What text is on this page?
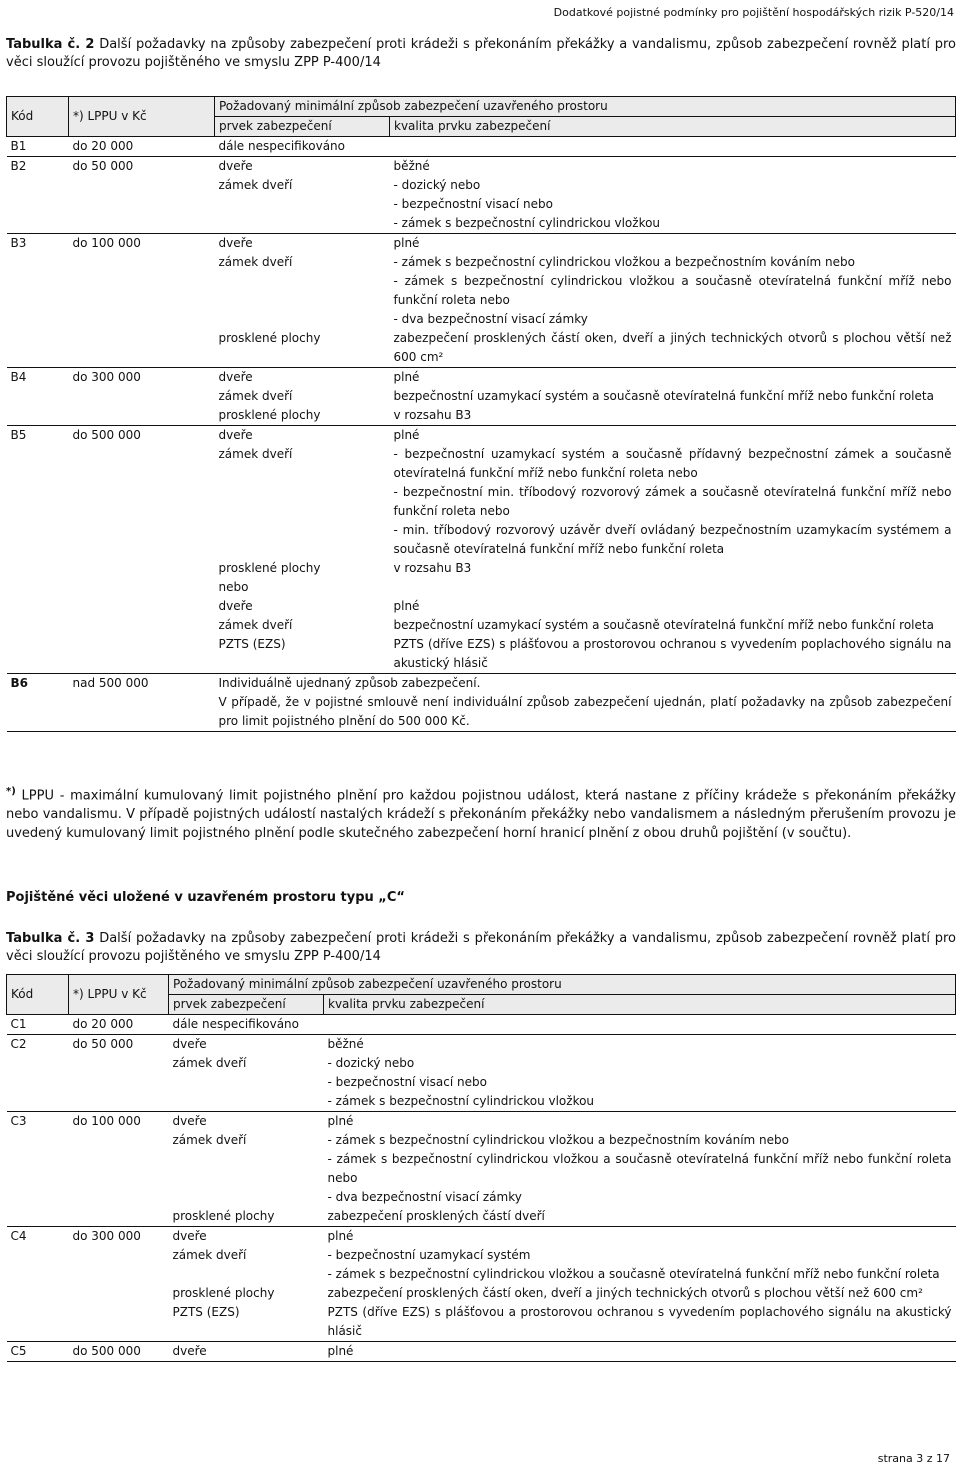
Dodatkové pojistné podmínky pro pojištění hospodářských rizik P-520/14
Tabulka č. 2 Další požadavky na způsoby zabezpečení proti krádeži s překonáním překážky a vandalismu, způsob zabezpečení rovněž platí pro věci sloužící provozu pojištěného ve smyslu ZPP P-400/14
Kód	*) LPPU v Kč	Požadovaný minimální způsob zabezpečení uzavřeného prostoru	
		prvek zabezpečení	kvalita prvku zabezpečení
B1	do 20 000	dále nespecifikováno	
B2	do 50 000	dveře	běžné
		zámek dveří	- dozický nebo
- bezpečnostní visací nebo
- zámek s bezpečnostní cylindrickou vložkou
B3	do 100 000	dveře	plné
		zámek dveří	- zámek s bezpečnostní cylindrickou vložkou a bezpečnostním kováním nebo
- zámek s bezpečnostní cylindrickou vložkou a současně otevíratelná funkční mříž nebo funkční roleta nebo
- dva bezpečnostní visací zámky
		prosklené plochy	zabezpečení prosklených částí oken, dveří a jiných technických otvorů s plochou větší než 600 cm²
B4	do 300 000	dveře	plné
		zámek dveří	bezpečnostní uzamykací systém a současně otevíratelná funkční mříž nebo funkční roleta
		prosklené plochy	v rozsahu B3
B5	do 500 000	dveře	plné
		zámek dveří	- bezpečnostní uzamykací systém a současně přídavný bezpečnostní zámek a současně otevíratelná funkční mříž nebo funkční roleta nebo
- bezpečnostní min. tříbodový rozvorový zámek a současně otevíratelná funkční mříž nebo funkční roleta nebo
- min. tříbodový rozvorový uzávěr dveří ovládaný bezpečnostním uzamykacím systémem a současně otevíratelná funkční mříž nebo funkční roleta
		prosklené plochy	v rozsahu B3
		nebo	
		dveře	plné
		zámek dveří	bezpečnostní uzamykací systém a současně otevíratelná funkční mříž nebo funkční roleta
		PZTS (EZS)	PZTS (dříve EZS) s plášťovou a prostorovou ochranou s vyvedením poplachového signálu na akustický hlásič
B6	nad 500 000	Individuálně ujednaný způsob zabezpečení.
V případě, že v pojistné smlouvě není individuální způsob zabezpečení ujednán, platí požadavky na způsob zabezpečení pro limit pojistného plnění do 500 000 Kč.	
*) LPPU - maximální kumulovaný limit pojistného plnění pro každou pojistnou událost, která nastane z příčiny krádeže s překonáním překážky nebo vandalismu. V případě pojistných událostí nastalých krádeží s překonáním překážky nebo vandalismem a následným přerušením provozu je uvedený kumulovaný limit pojistného plnění podle skutečného zabezpečení horní hranicí plnění z obou druhů pojištění (v součtu).
Pojištěné věci uložené v uzavřeném prostoru typu „C“
Tabulka č. 3 Další požadavky na způsoby zabezpečení proti krádeži s překonáním překážky a vandalismu, způsob zabezpečení rovněž platí pro věci sloužící provozu pojištěného ve smyslu ZPP P-400/14
Kód	*) LPPU v Kč	Požadovaný minimální způsob zabezpečení uzavřeného prostoru	
		prvek zabezpečení	kvalita prvku zabezpečení
C1	do 20 000	dále nespecifikováno	
C2	do 50 000	dveře	běžné
		zámek dveří	- dozický nebo
- bezpečnostní visací nebo
- zámek s bezpečnostní cylindrickou vložkou
C3	do 100 000	dveře	plné
		zámek dveří	- zámek s bezpečnostní cylindrickou vložkou a bezpečnostním kováním nebo
- zámek s bezpečnostní cylindrickou vložkou a současně otevíratelná funkční mříž nebo funkční roleta nebo
- dva bezpečnostní visací zámky
		prosklené plochy	zabezpečení prosklených částí dveří
C4	do 300 000	dveře	plné
		zámek dveří	- bezpečnostní uzamykací systém
- zámek s bezpečnostní cylindrickou vložkou a současně otevíratelná funkční mříž nebo funkční roleta
		prosklené plochy	zabezpečení prosklených částí oken, dveří a jiných technických otvorů s plochou větší než 600 cm²
		PZTS (EZS)	PZTS (dříve EZS) s plášťovou a prostorovou ochranou s vyvedením poplachového signálu na akustický hlásič
C5	do 500 000	dveře	plné
strana 3 z 17
